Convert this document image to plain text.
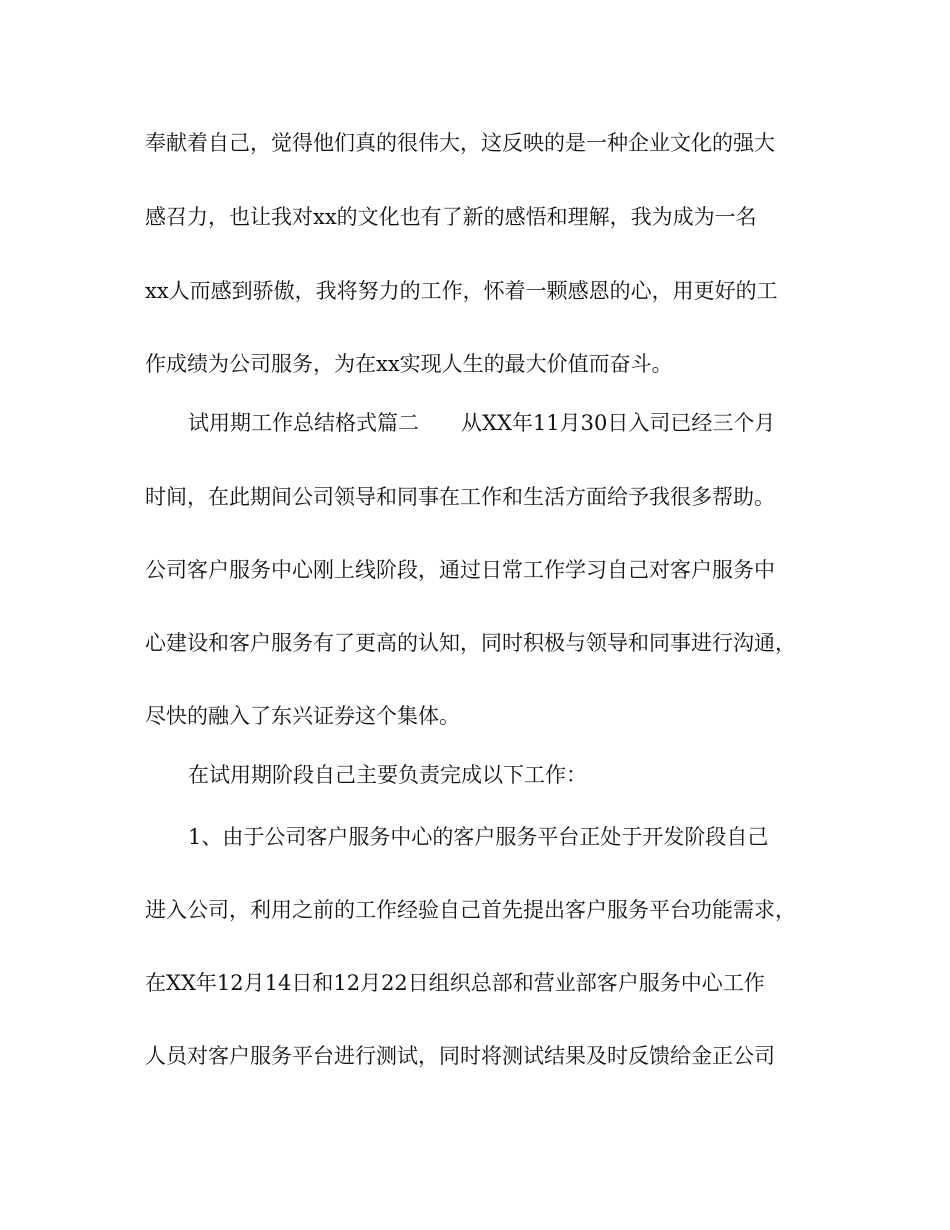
奉献着自己，觉得他们真的很伟大，这反映的是一种企业文化的强大
感召力，也让我对xx的文化也有了新的感悟和理解，我为成为一名
xx人而感到骄傲，我将努力的工作，怀着一颗感恩的心，用更好的工
作成绩为公司服务，为在xx实现人生的最大价值而奋斗。
试用期工作总结格式篇二　　从XX年11月30日入司已经三个月
时间，在此期间公司领导和同事在工作和生活方面给予我很多帮助。
公司客户服务中心刚上线阶段，通过日常工作学习自己对客户服务中
心建设和客户服务有了更高的认知，同时积极与领导和同事进行沟通，
尽快的融入了东兴证券这个集体。
在试用期阶段自己主要负责完成以下工作：
1、由于公司客户服务中心的客户服务平台正处于开发阶段自己
进入公司，利用之前的工作经验自己首先提出客户服务平台功能需求，
在XX年12月14日和12月22日组织总部和营业部客户服务中心工作
人员对客户服务平台进行测试，同时将测试结果及时反馈给金正公司
